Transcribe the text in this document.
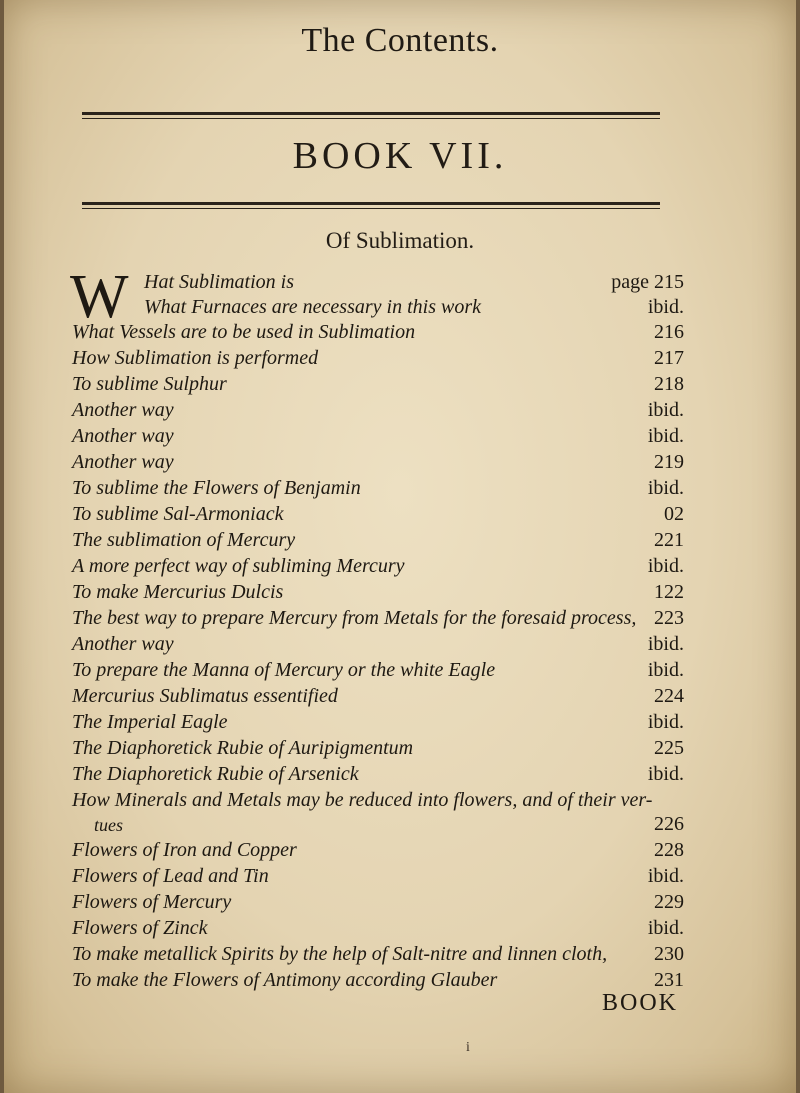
The Contents.
BOOK VII.
Of Sublimation.
W Hat Sublimation is	page 215
What Furnaces are necessary in this work	ibid.
What Vessels are to be used in Sublimation	216
How Sublimation is performed	217
To sublime Sulphur	218
Another way	ibid.
Another way	ibid.
Another way	219
To sublime the Flowers of Benjamin	ibid.
To sublime Sal-Armoniack	02
The sublimation of Mercury	221
A more perfect way of subliming Mercury	ibid.
To make Mercurius Dulcis	122
The best way to prepare Mercury from Metals for the foresaid process, 223
Another way	ibid.
To prepare the Manna of Mercury or the white Eagle	ibid.
Mercurius Sublimatus essentified	224
The Imperial Eagle	ibid.
The Diaphoretick Rubie of Auripigmentum	225
The Diaphoretick Rubie of Arsenick	ibid.
How Minerals and Metals may be reduced into flowers, and of their ver-
tues	226
Flowers of Iron and Copper	228
Flowers of Lead and Tin	ibid.
Flowers of Mercury	229
Flowers of Zinck	ibid.
To make metallick Spirits by the help of Salt-nitre and linnen cloth, 230
To make the Flowers of Antimony according Glauber	231
BOOK
i
